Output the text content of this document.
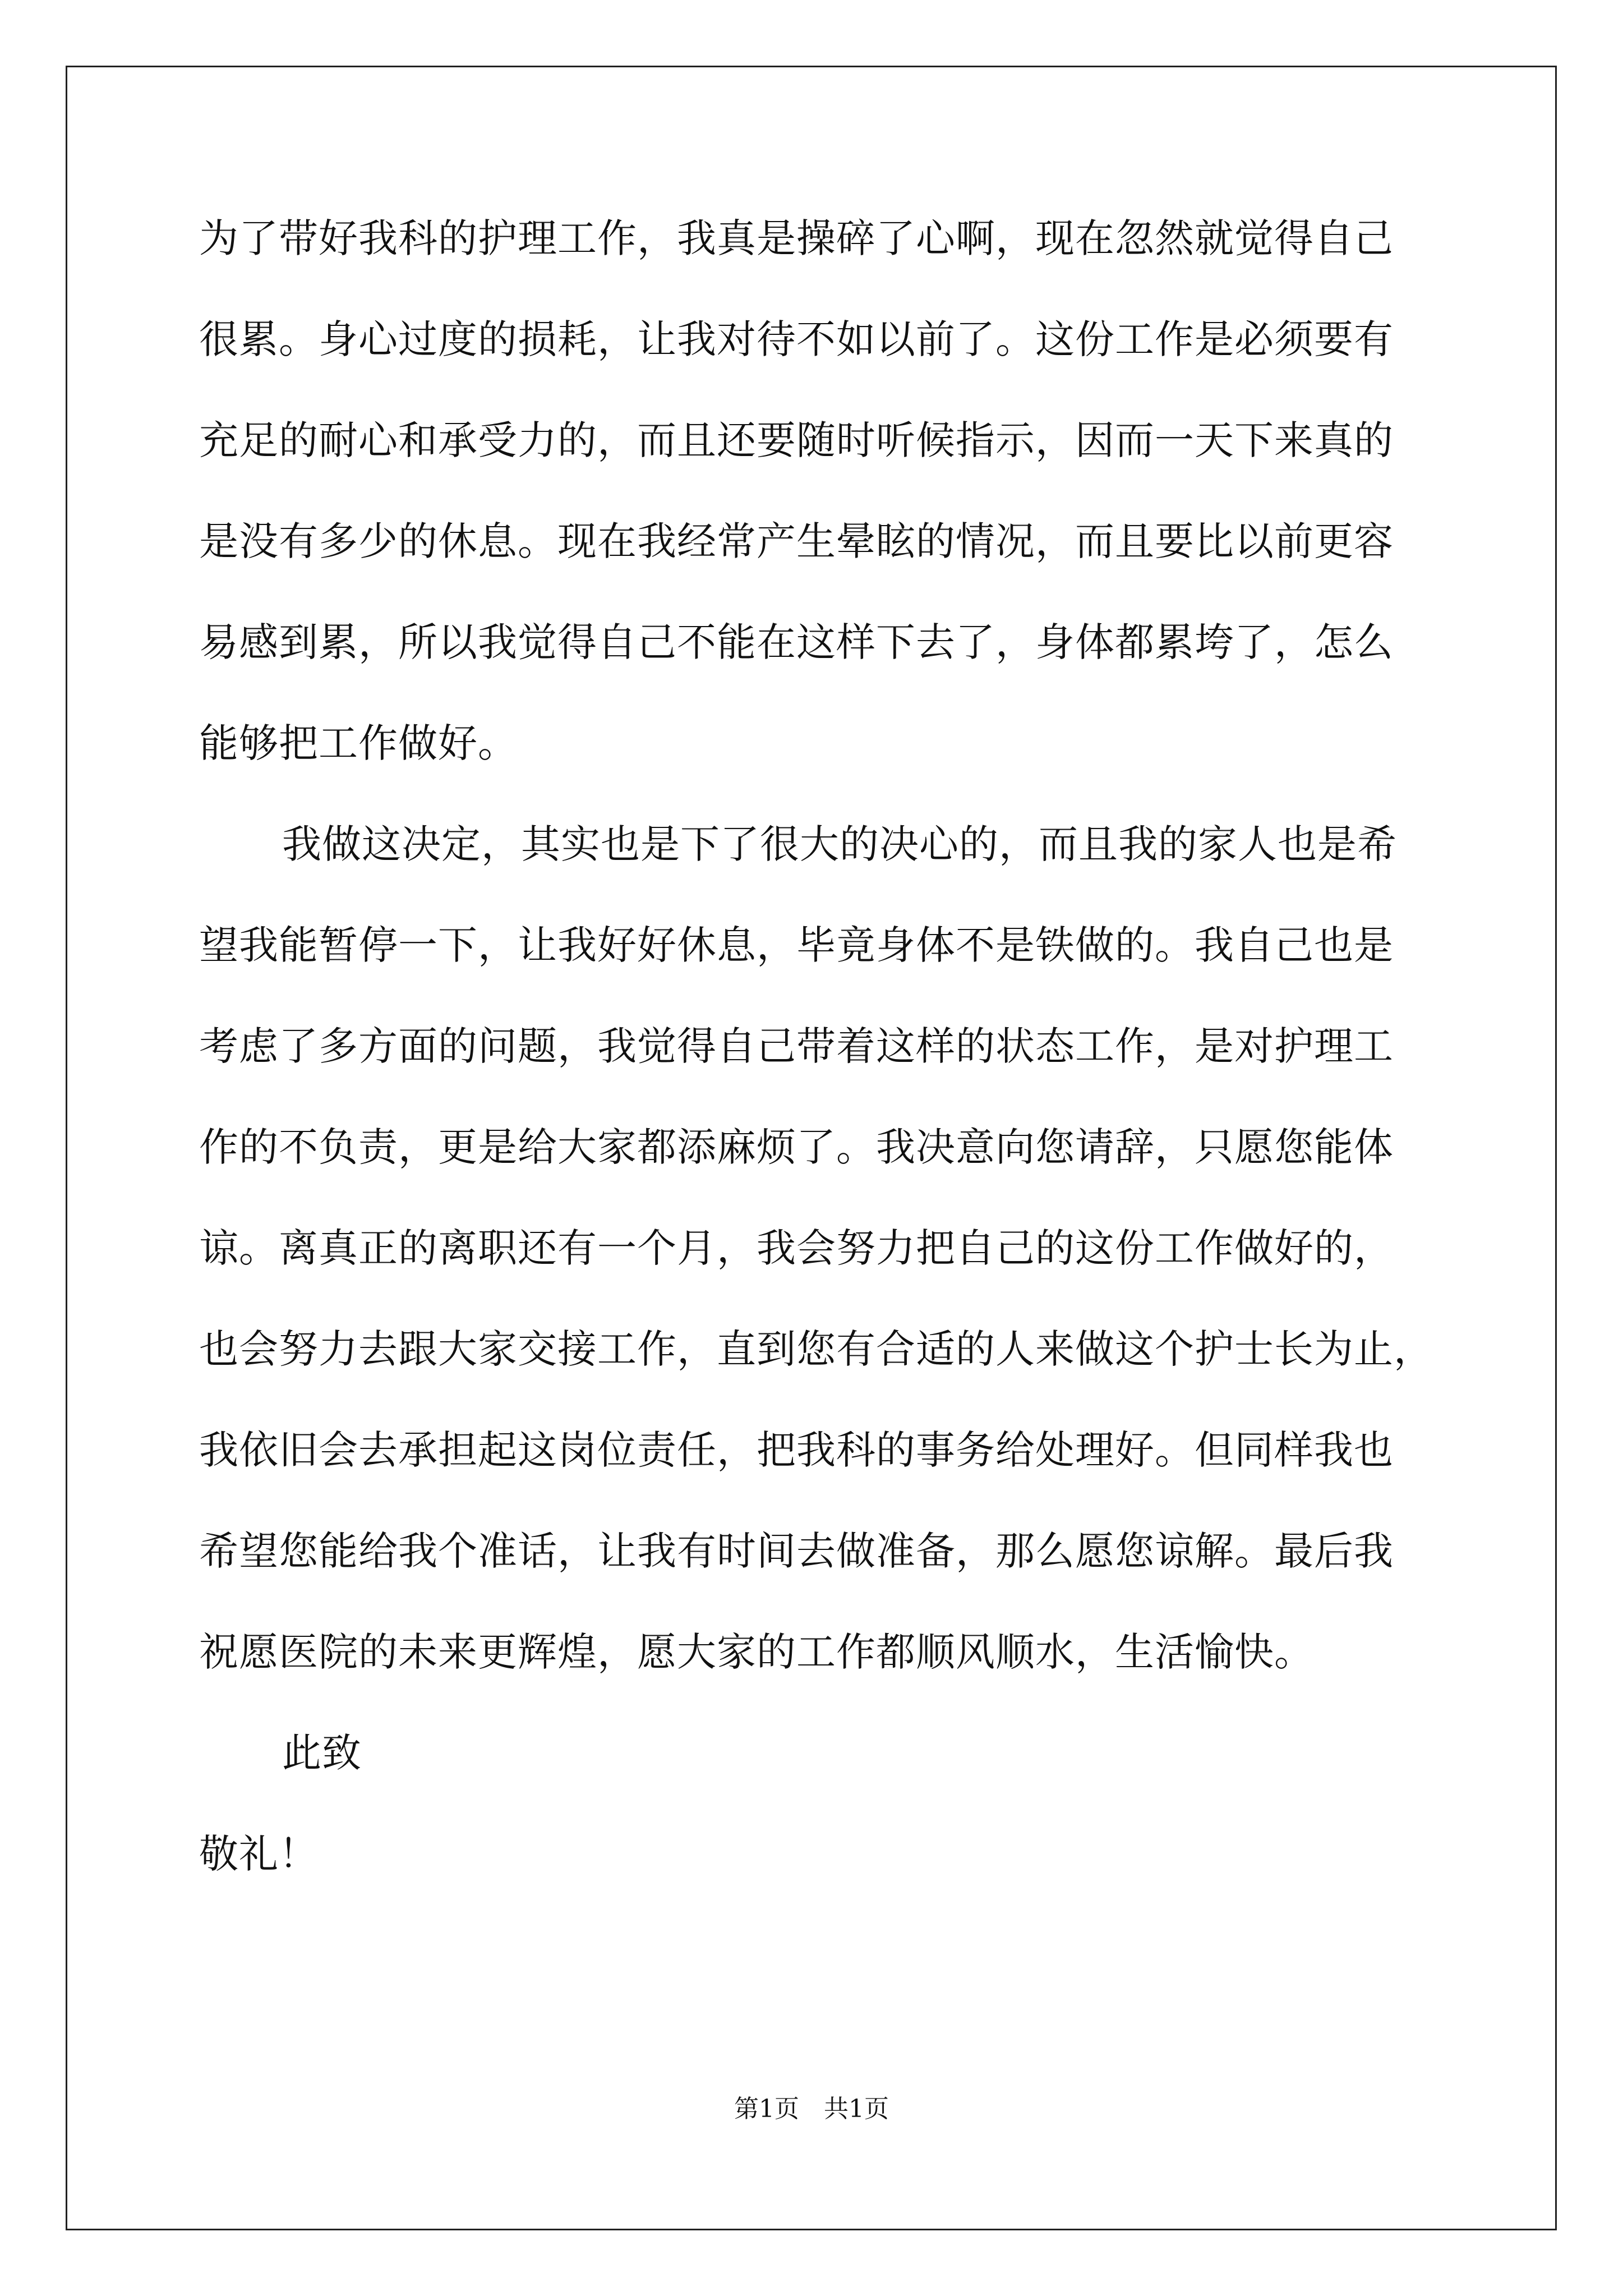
为了带好我科的护理工作，我真是操碎了心啊，现在忽然就觉得自己
很累。身心过度的损耗，让我对待不如以前了。这份工作是必须要有
充足的耐心和承受力的，而且还要随时听候指示，因而一天下来真的
是没有多少的休息。现在我经常产生晕眩的情况，而且要比以前更容
易感到累，所以我觉得自己不能在这样下去了，身体都累垮了，怎么
能够把工作做好。
我做这决定，其实也是下了很大的决心的，而且我的家人也是希
望我能暂停一下，让我好好休息，毕竟身体不是铁做的。我自己也是
考虑了多方面的问题，我觉得自己带着这样的状态工作，是对护理工
作的不负责，更是给大家都添麻烦了。我决意向您请辞，只愿您能体
谅。离真正的离职还有一个月，我会努力把自己的这份工作做好的，
也会努力去跟大家交接工作，直到您有合适的人来做这个护士长为止，
我依旧会去承担起这岗位责任，把我科的事务给处理好。但同样我也
希望您能给我个准话，让我有时间去做准备，那么愿您谅解。最后我
祝愿医院的未来更辉煌，愿大家的工作都顺风顺水，生活愉快。
此致
敬礼！
第1页　共1页
